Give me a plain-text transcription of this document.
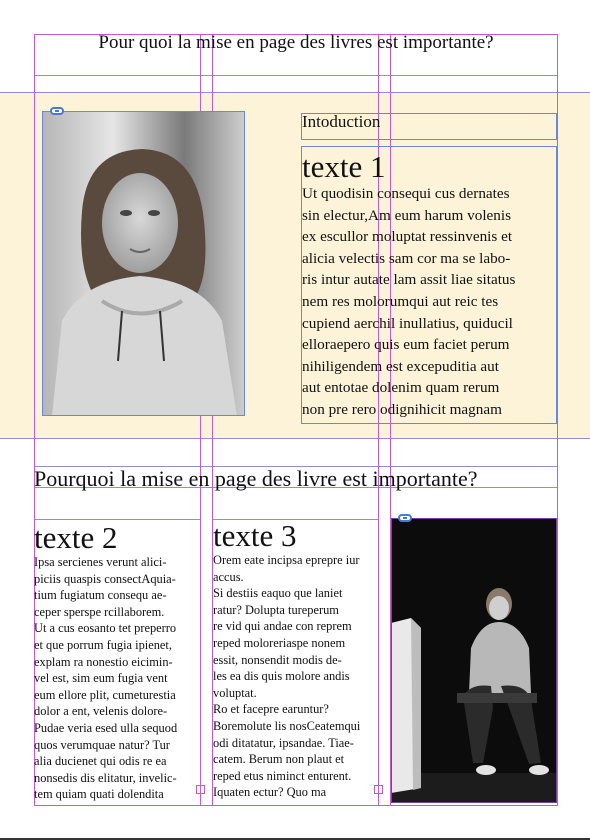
Pour quoi la mise en page des livres est importante?
Intoduction
texte 1

Ut quodisin consequi cus dernates

sin electur,Am eum harum volenis

ex escullor moluptat ressinvenis et

alicia velectis sam cor ma se labo-

ris intur autate lam assit liae sitatus

nem res molorumqui aut reic tes

cupiend aerchil inullatius, quiducil

elloraepero quis eum faciet perum

nihiligendem est excepuditia aut

aut entotae dolenim quam rerum

non pre rero odignihicit magnam

Pourquoi la mise en page des livre est importante?
texte 2

Ipsa sercienes verunt alici-
piciis quaspis consectAquia-
tium fugiatum consequ ae-
ceper sperspe rcillaborem.
Ut a cus eosanto tet preperro
et que porrum fugia ipienet,
explam ra nonestio eicimin-
vel est, sim eum fugia vent
eum ellore plit, cumeturestia
dolor a ent, velenis dolore-
Pudae veria esed ulla sequod
quos verumquae natur? Tur
alia ducienet qui odis re ea
nonsedis dis elitatur, invelic-
tem quiam quati dolendita

texte 3

Orem eate incipsa eprepre iur
accus.
Si destiis eaquo que laniet
ratur? Dolupta tureperum
re vid qui andae con reprem
reped moloreriaspe nonem
essit, nonsendit modis de-
les ea dis quis molore andis
voluptat.
Ro et facepre earuntur?
Boremolute lis nosCeatemqui
odi ditatatur, ipsandae. Tiae-
catem. Berum non plaut et
reped etus niminct enturent.
Iquaten ectur? Quo ma
